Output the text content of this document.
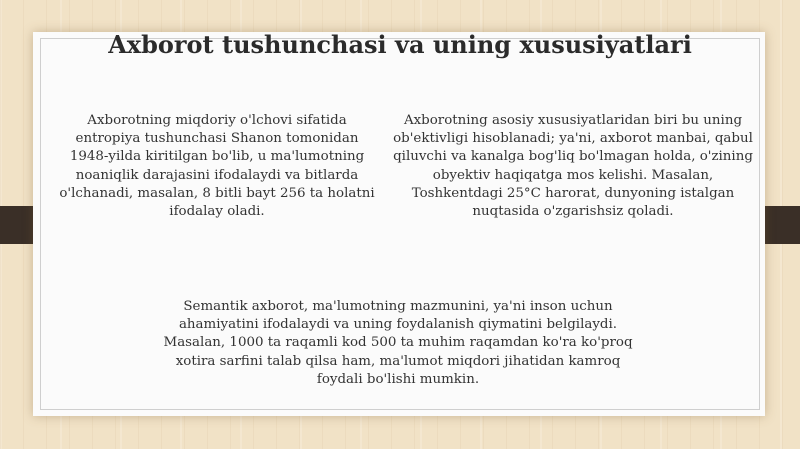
Axborot tushunchasi va uning xususiyatlari
Axborotning miqdoriy o'lchovi sifatida entropiya tushunchasi Shanon tomonidan 1948-yilda kiritilgan bo'lib, u ma'lumotning noaniqlik darajasini ifodalaydi va bitlarda o'lchanadi, masalan, 8 bitli bayt 256 ta holatni ifodalay oladi.
Axborotning asosiy xususiyatlaridan biri bu uning ob'ektivligi hisoblanadi; ya'ni, axborot manbai, qabul qiluvchi va kanalga bog'liq bo'lmagan holda, o'zining obyektiv haqiqatga mos kelishi. Masalan, Toshkentdagi 25°C harorat, dunyoning istalgan nuqtasida o'zgarishsiz qoladi.
Semantik axborot, ma'lumotning mazmunini, ya'ni inson uchun ahamiyatini ifodalaydi va uning foydalanish qiymatini belgilaydi. Masalan, 1000 ta raqamli kod 500 ta muhim raqamdan ko'ra ko'proq xotira sarfini talab qilsa ham, ma'lumot miqdori jihatidan kamroq foydali bo'lishi mumkin.
